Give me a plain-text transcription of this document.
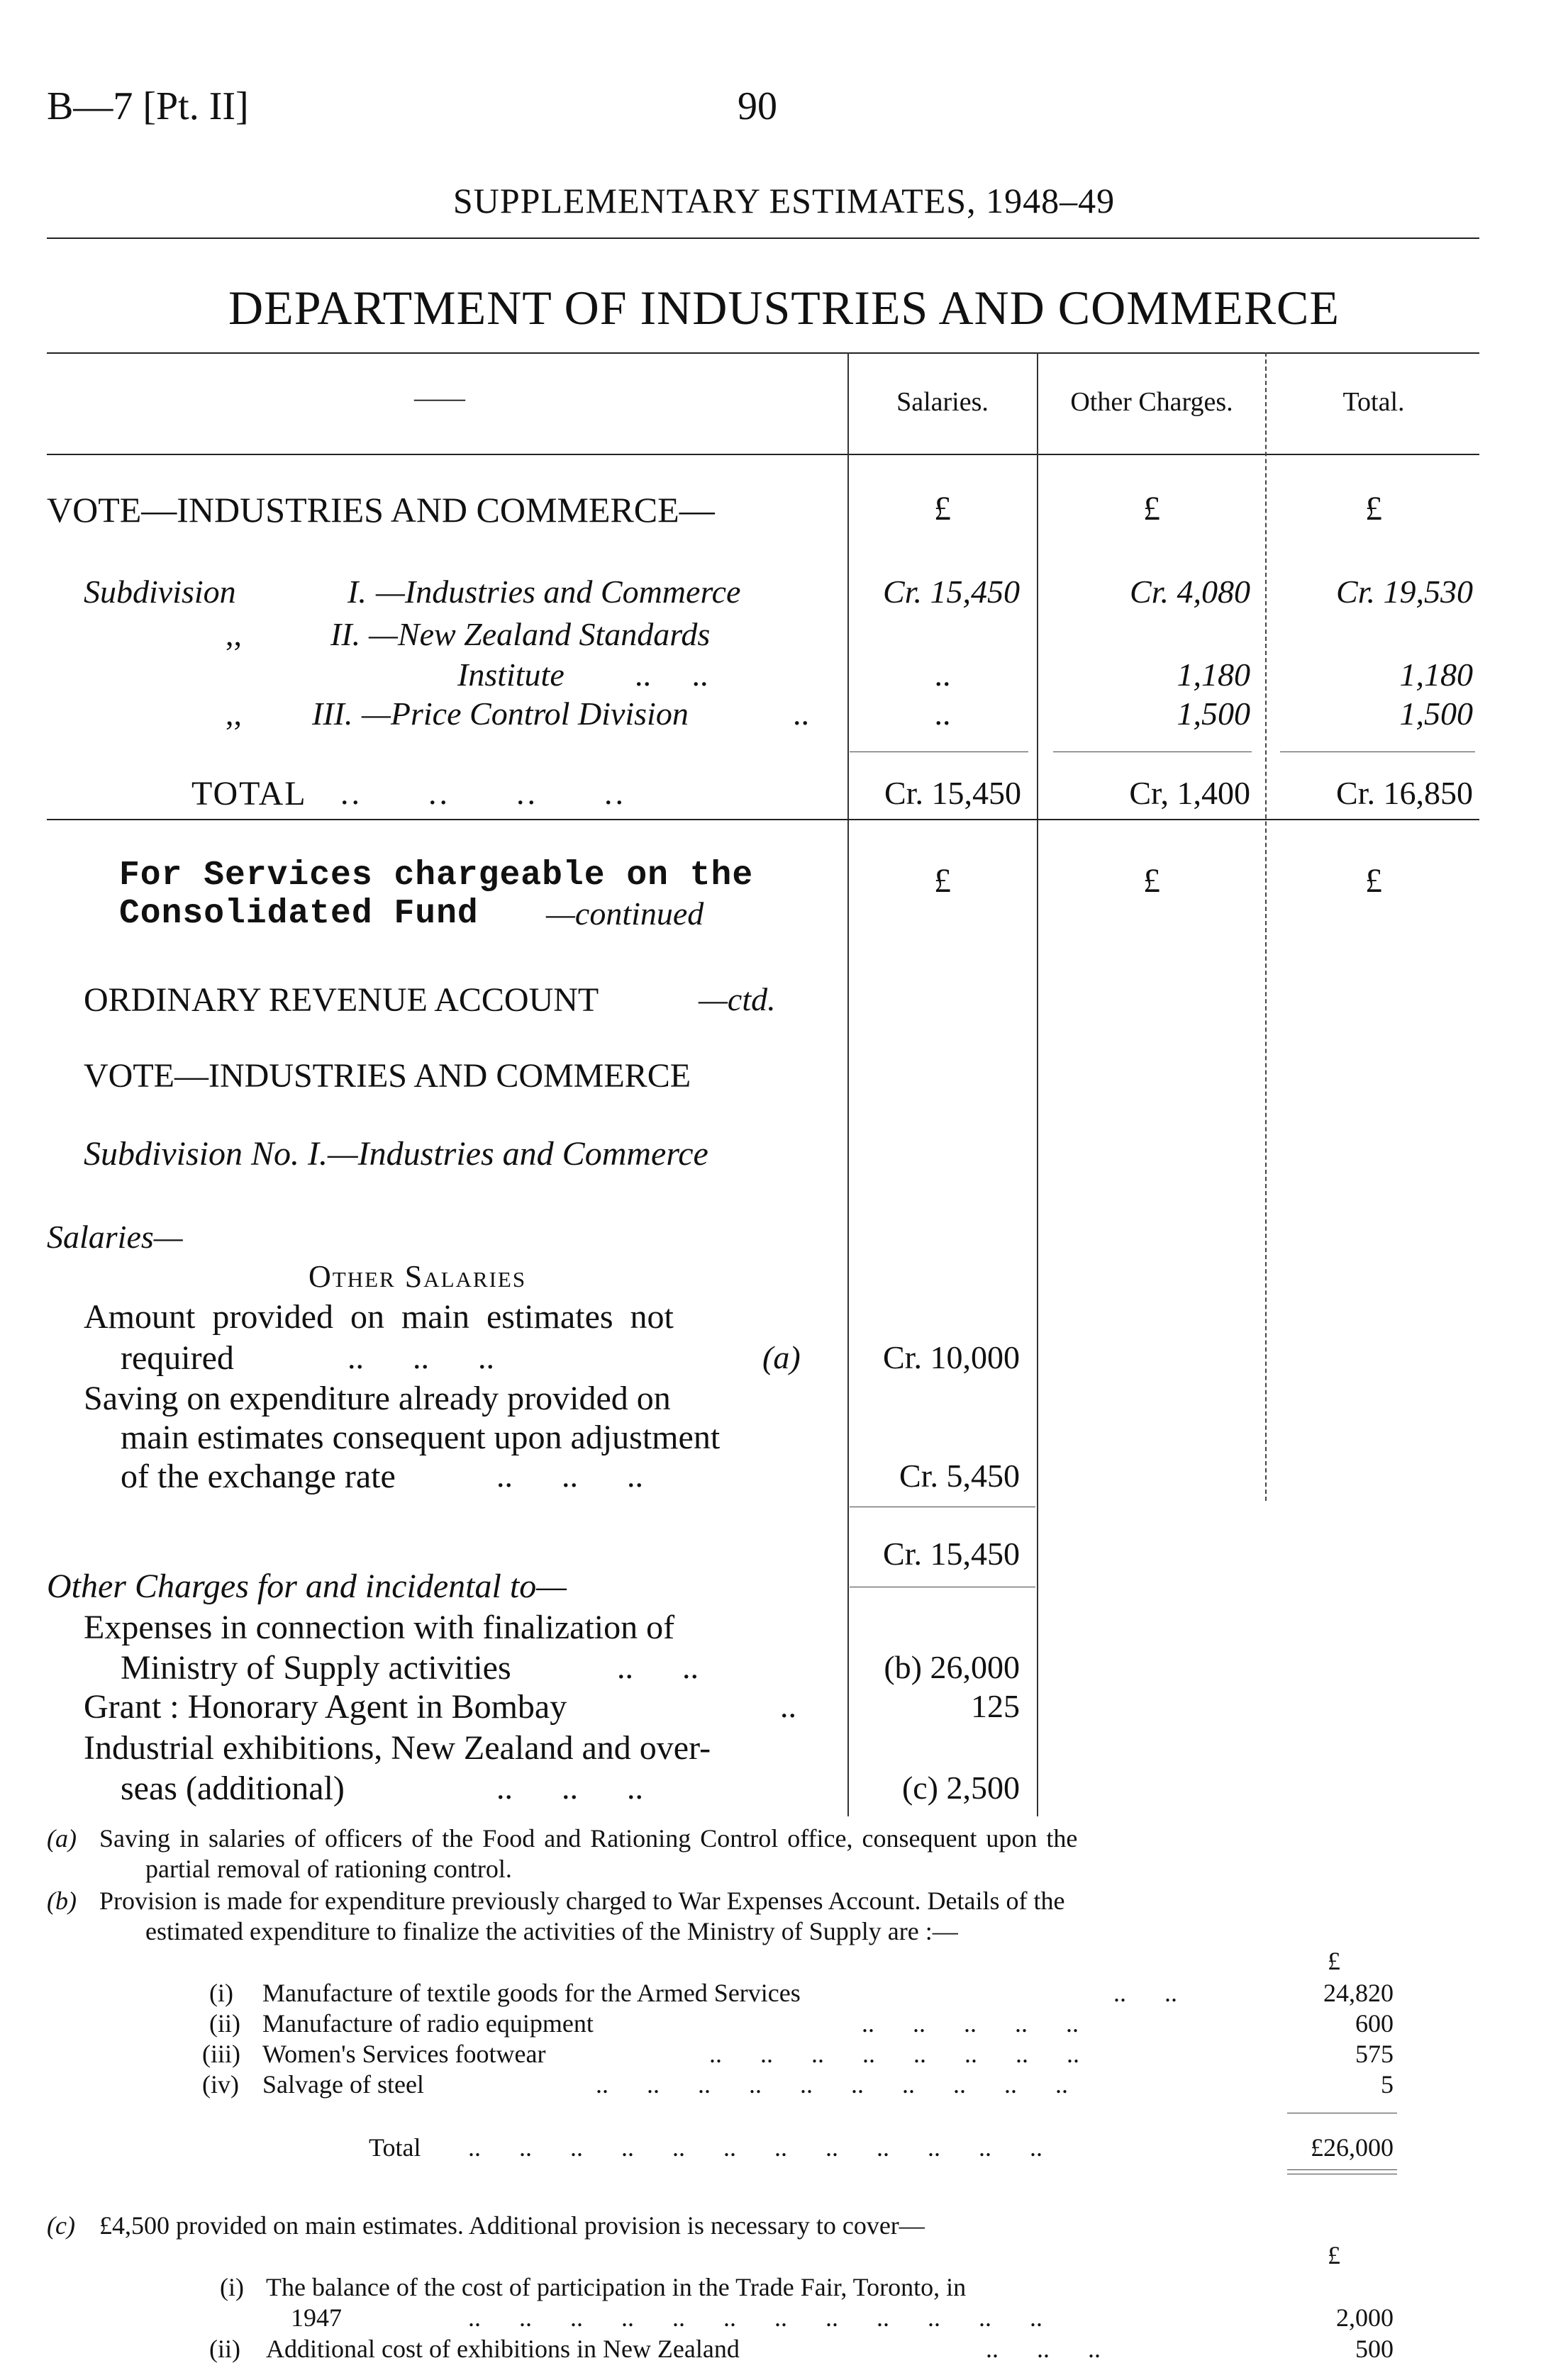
B—7 [Pt. II]	90
SUPPLEMENTARY ESTIMATES, 1948–49
DEPARTMENT OF INDUSTRIES AND COMMERCE
——	Salaries.	Other Charges.	Total.
VOTE—INDUSTRIES AND COMMERCE—	£	£	£
Subdivision	I. —Industries and Commerce	Cr. 15,450	Cr. 4,080	Cr. 19,530
,,	II. —New Zealand Standards
Institute ..     ..	..	1,180	1,180
,, III. —Price Control Division	..	..	1,500	1,500
TOTAL ..      ..      ..      ..	Cr. 15,450	Cr, 1,400	Cr. 16,850
For Services chargeable on the
Consolidated Fund —continued
£	£	£
ORDINARY REVENUE ACCOUNT	—ctd.
VOTE—INDUSTRIES AND COMMERCE
Subdivision No. I.—Industries and Commerce
Salaries—
Other Salaries
Amount provided on main estimates not
required	..      ..      ..	(a)	Cr. 10,000
Saving on expenditure already provided on
main estimates consequent upon adjustment
of the exchange rate	..      ..      ..	Cr. 5,450
Cr. 15,450
Other Charges for and incidental to—
Expenses in connection with finalization of
Ministry of Supply activities	..      ..	(b) 26,000
Grant : Honorary Agent in Bombay	..	125
Industrial exhibitions, New Zealand and over-
seas (additional)	..      ..      ..	(c) 2,500
(a) Saving in salaries of officers of the Food and Rationing Control office, consequent upon the
partial removal of rationing control.
(b) Provision is made for expenditure previously charged to War Expenses Account. Details of the
estimated expenditure to finalize the activities of the Ministry of Supply are :—
£
(i) Manufacture of textile goods for the Armed Services	..      ..	24,820
(ii) Manufacture of radio equipment	..      ..      ..      ..      ..	600
(iii) Women's Services footwear	..      ..      ..      ..      ..      ..      ..      ..	575
(iv) Salvage of steel	..      ..      ..      ..      ..      ..      ..      ..      ..      ..	5
Total ..      ..      ..      ..      ..      ..      ..      ..      ..      ..      ..      ..	£26,000
(c) £4,500 provided on main estimates. Additional provision is necessary to cover—
£
(i) The balance of the cost of participation in the Trade Fair, Toronto, in
1947	..      ..      ..      ..      ..      ..      ..      ..      ..      ..      ..      ..	2,000
(ii) Additional cost of exhibitions in New Zealand	..      ..      ..	500
